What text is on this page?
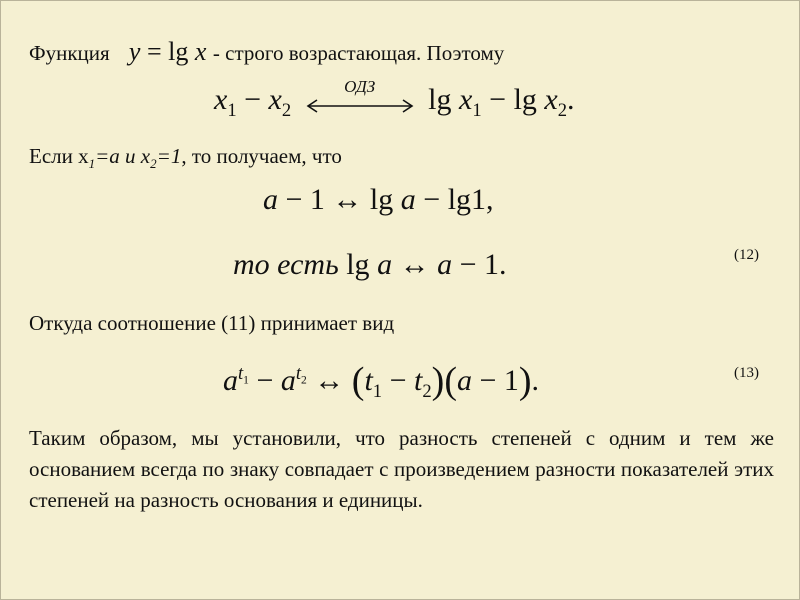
Функция y = lg x - строго возрастающая. Поэтому
$x_1 - x_2$
ОДЗ	$\lg x_1 - \lg x_2$.
Если $x_1=а$ и $x_2=1$, то получаем, что
a − 1 ↔ lg a − lg1,
то есть lg a ↔ a − 1.	(12)
Откуда соотношение (11) принимает вид
$a^{t_1} - a^{t_2}$ ↔ $(t_1 - t_2)(a - 1)$.	(13)
Таким образом, мы установили, что разность степеней с одним и тем же основанием всегда по знаку совпадает с произведением разности показателей этих степеней на разность основания и единицы.
